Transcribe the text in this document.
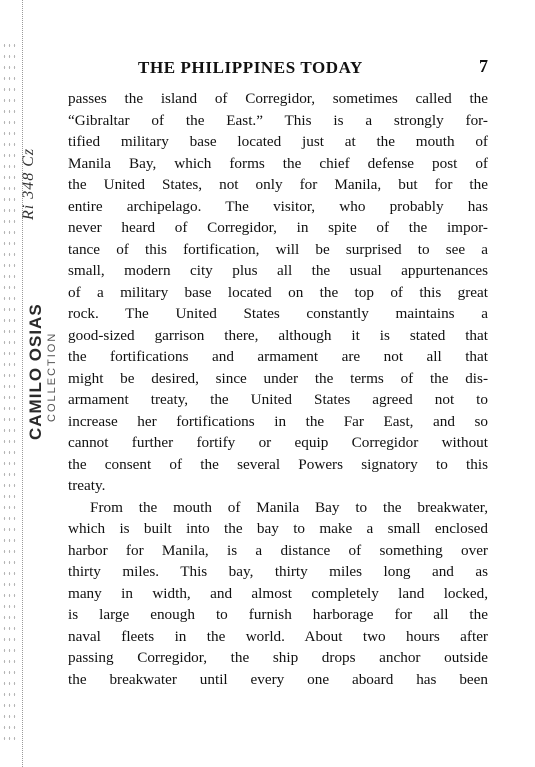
Ri 348 Cz
CAMILO OSIAS COLLECTION
THE PHILIPPINES TODAY	7

passes the island of Corregidor, sometimes called the
“Gibraltar of the East.” This is a strongly for-
tified military base located just at the mouth of
Manila Bay, which forms the chief defense post of
the United States, not only for Manila, but for the
entire archipelago. The visitor, who probably has
never heard of Corregidor, in spite of the impor-
tance of this fortification, will be surprised to see a
small, modern city plus all the usual appurtenances
of a military base located on the top of this great
rock. The United States constantly maintains a
good-sized garrison there, although it is stated that
the fortifications and armament are not all that
might be desired, since under the terms of the dis-
armament treaty, the United States agreed not to
increase her fortifications in the Far East, and so
cannot further fortify or equip Corregidor without
the consent of the several Powers signatory to this
treaty.

From the mouth of Manila Bay to the breakwater,
which is built into the bay to make a small enclosed
harbor for Manila, is a distance of something over
thirty miles. This bay, thirty miles long and as
many in width, and almost completely land locked,
is large enough to furnish harborage for all the
naval fleets in the world. About two hours after
passing Corregidor, the ship drops anchor outside
the breakwater until every one aboard has been
